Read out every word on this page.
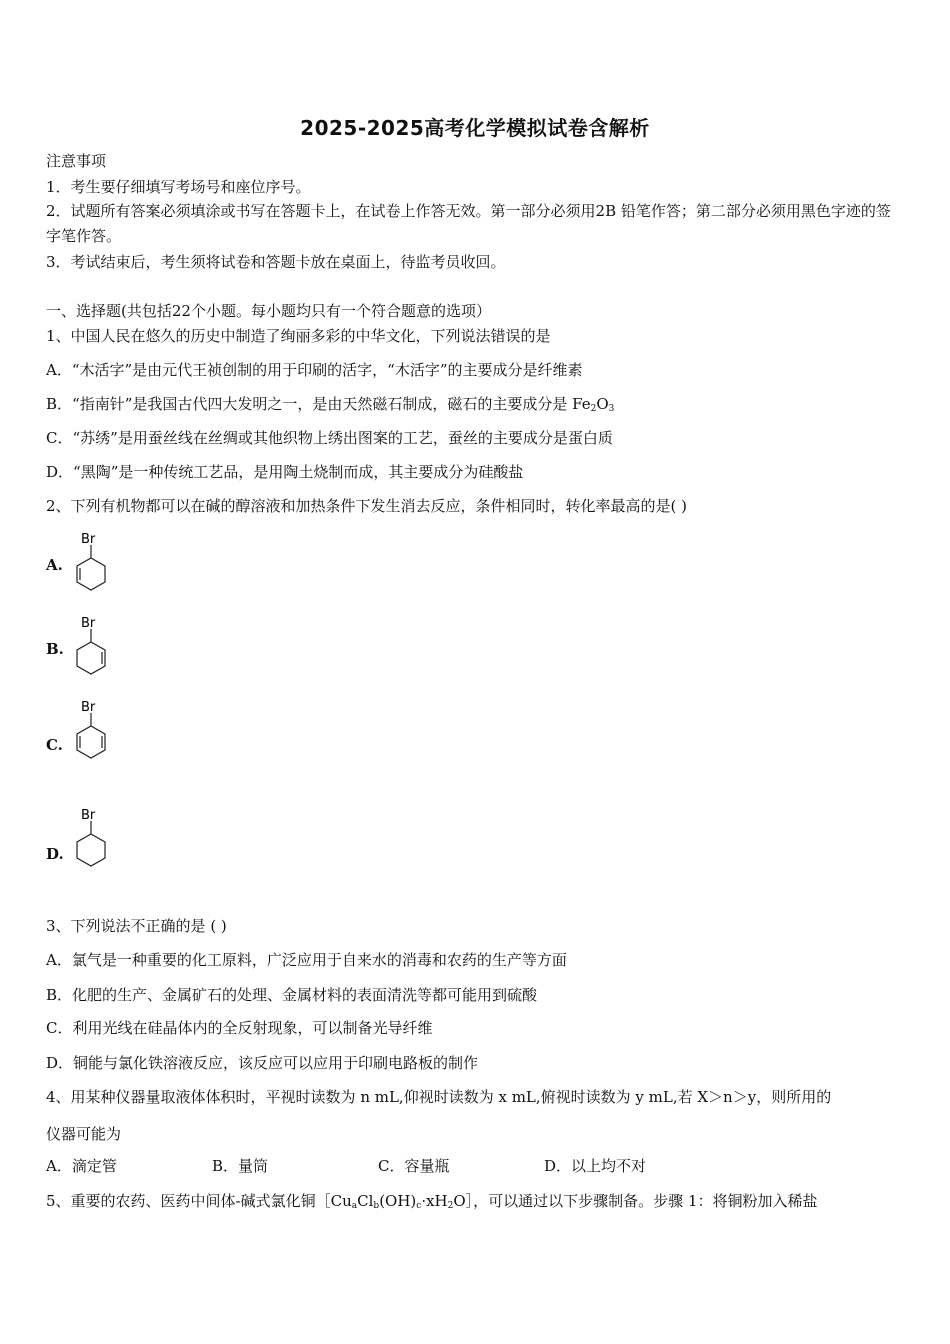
2025-2025高考化学模拟试卷含解析
注意事项
1．考生要仔细填写考场号和座位序号。
2．试题所有答案必须填涂或书写在答题卡上，在试卷上作答无效。第一部分必须用2B 铅笔作答；第二部分必须用黑色字迹的签字笔作答。
3．考试结束后，考生须将试卷和答题卡放在桌面上，待监考员收回。
一、选择题(共包括22个小题。每小题均只有一个符合题意的选项）
1、中国人民在悠久的历史中制造了绚丽多彩的中华文化，下列说法错误的是
A．“木活字”是由元代王祯创制的用于印刷的活字，“木活字”的主要成分是纤维素
B．“指南针”是我国古代四大发明之一，是由天然磁石制成，磁石的主要成分是 $Fe_2O_3$
C．“苏绣”是用蚕丝线在丝绸或其他织物上绣出图案的工艺，蚕丝的主要成分是蛋白质
D．“黑陶”是一种传统工艺品，是用陶土烧制而成，其主要成分为硅酸盐
2、下列有机物都可以在碱的醇溶液和加热条件下发生消去反应，条件相同时，转化率最高的是( )
A.
Br
B.
Br
C.
Br
D.
Br
3、下列说法不正确的是 ( )
A．氯气是一种重要的化工原料，广泛应用于自来水的消毒和农药的生产等方面
B．化肥的生产、金属矿石的处理、金属材料的表面清洗等都可能用到硫酸
C．利用光线在硅晶体内的全反射现象，可以制备光导纤维
D．铜能与氯化铁溶液反应，该反应可以应用于印刷电路板的制作
4、用某种仪器量取液体体积时，平视时读数为 n mL,仰视时读数为 x mL,俯视时读数为 y mL,若 X＞n＞y，则所用的
仪器可能为
A．滴定管	B．量筒	C．容量瓶	D．以上均不对
5、重要的农药、医药中间体-碱式氯化铜$[Cu_aCl_b(OH)_c\cdot xH_2O]$，可以通过以下步骤制备。步骤 1：将铜粉加入稀盐
